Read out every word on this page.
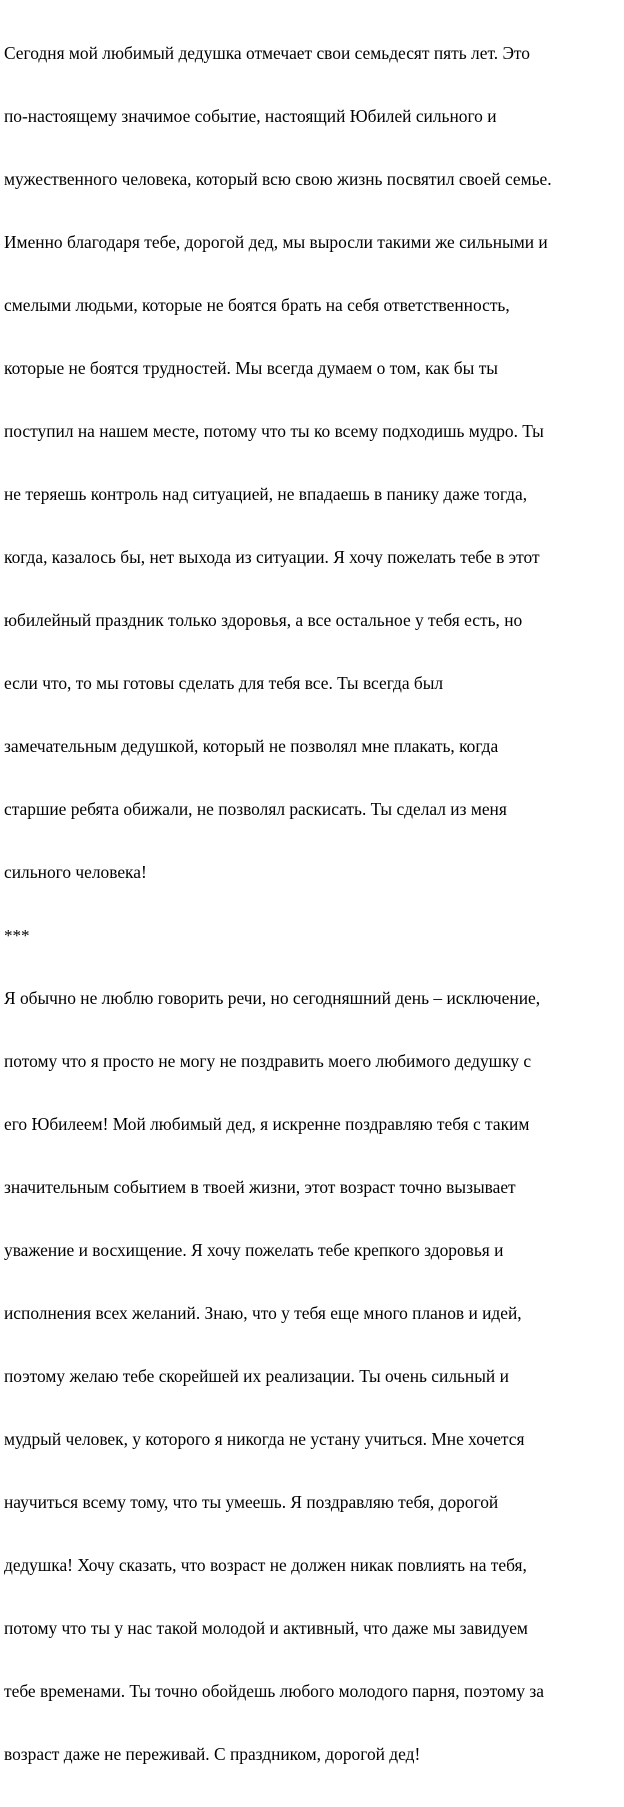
Сегодня мой любимый дедушка отмечает свои семьдесят пять лет. Это

по-настоящему значимое событие, настоящий Юбилей сильного и

мужественного человека, который всю свою жизнь посвятил своей семье.

Именно благодаря тебе, дорогой дед, мы выросли такими же сильными и

смелыми людьми, которые не боятся брать на себя ответственность,

которые не боятся трудностей. Мы всегда думаем о том, как бы ты

поступил на нашем месте, потому что ты ко всему подходишь мудро. Ты

не теряешь контроль над ситуацией, не впадаешь в панику даже тогда,

когда, казалось бы, нет выхода из ситуации. Я хочу пожелать тебе в этот

юбилейный праздник только здоровья, а все остальное у тебя есть, но

если что, то мы готовы сделать для тебя все. Ты всегда был

замечательным дедушкой, который не позволял мне плакать, когда

старшие ребята обижали, не позволял раскисать. Ты сделал из меня

сильного человека!

***

Я обычно не люблю говорить речи, но сегодняшний день – исключение,

потому что я просто не могу не поздравить моего любимого дедушку с

его Юбилеем! Мой любимый дед, я искренне поздравляю тебя с таким

значительным событием в твоей жизни, этот возраст точно вызывает

уважение и восхищение. Я хочу пожелать тебе крепкого здоровья и

исполнения всех желаний. Знаю, что у тебя еще много планов и идей,

поэтому желаю тебе скорейшей их реализации. Ты очень сильный и

мудрый человек, у которого я никогда не устану учиться. Мне хочется

научиться всему тому, что ты умеешь. Я поздравляю тебя, дорогой

дедушка! Хочу сказать, что возраст не должен никак повлиять на тебя,

потому что ты у нас такой молодой и активный, что даже мы завидуем

тебе временами. Ты точно обойдешь любого молодого парня, поэтому за

возраст даже не переживай. С праздником, дорогой дед!
